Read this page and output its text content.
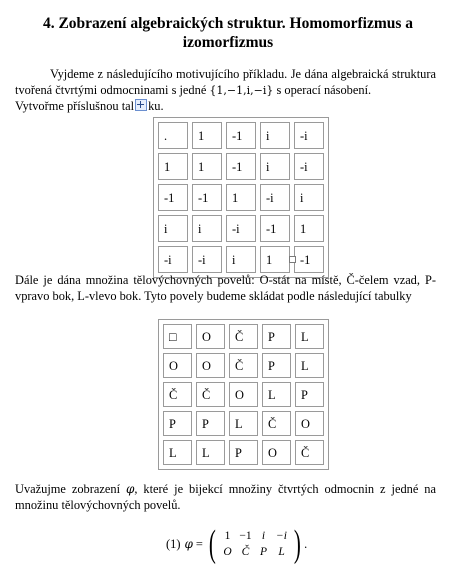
4. Zobrazení algebraických struktur. Homomorfizmus a izomorfizmus

Vyjdeme z následujícího motivujícího příkladu. Je dána algebraická struktura tvořená čtvrtými odmocninami s jedné {1,−1,i,−i} s operací násobení.

Vytvořme příslušnou tal ku.

.	1	-1	i	-i
1	1	-1	i	-i
-1	-1	1	-i	i
i	i	-i	-1	1
-i	-i	i	1	-1

Dále je dána množina tělovýchovných povelů: O-stát na místě, Č-čelem vzad, P-vpravo bok, L-vlevo bok. Tyto povely budeme skládat podle následující tabulky

□	O	Č	P	L
O	O	Č	P	L
Č	Č	O	L	P
P	P	L	Č	O
L	L	P	O	Č

Uvažujme zobrazení φ, které je bijekcí množiny čtvrtých odmocnin z jedné na množinu tělovýchovných povelů.

(1) φ = ( 1 −1 i −i
O Č P L ) .
